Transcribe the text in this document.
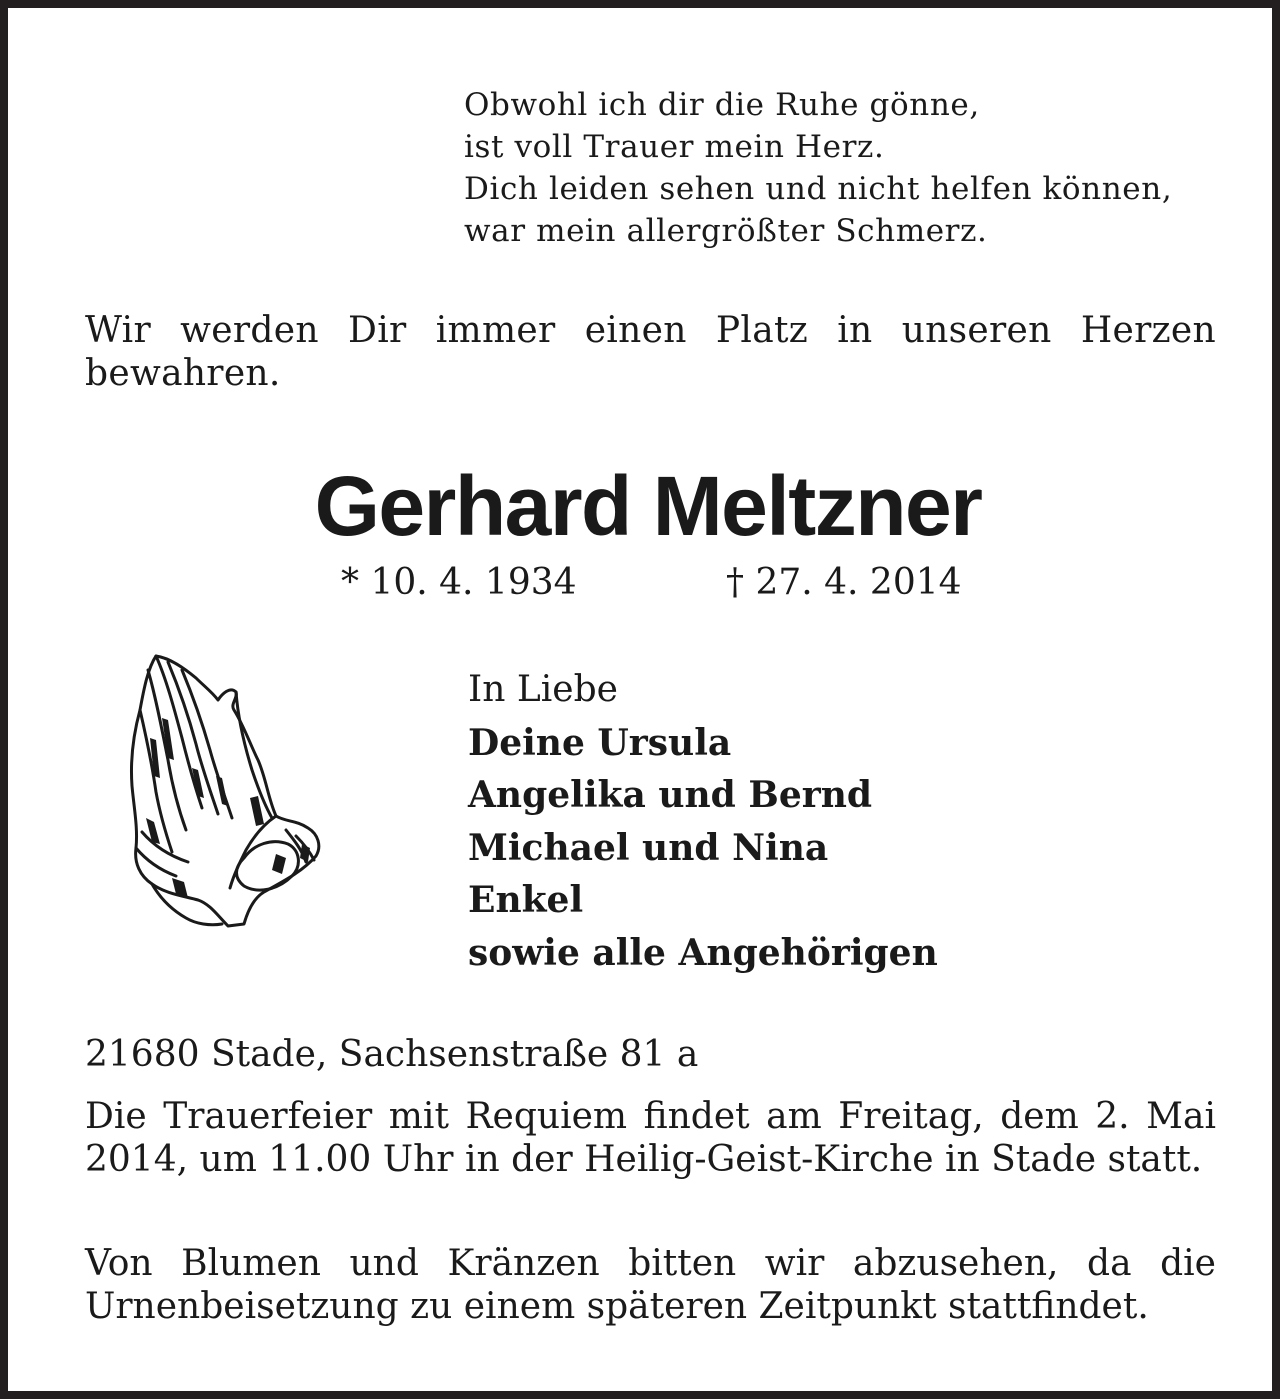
Obwohl ich dir die Ruhe gönne,
ist voll Trauer mein Herz.
Dich leiden sehen und nicht helfen können,
war mein allergrößter Schmerz.

Wir werden Dir immer einen Platz in unseren Herzen bewahren.

Gerhard Meltzner
* 10. 4. 1934	† 27. 4. 2014
In Liebe
Deine Ursula
Angelika und Bernd
Michael und Nina
Enkel
sowie alle Angehörigen

21680 Stade, Sachsenstraße 81 a

Die Trauerfeier mit Requiem findet am Freitag, dem 2. Mai 2014, um 11.00 Uhr in der Heilig-Geist-Kirche in Stade statt.

Von Blumen und Kränzen bitten wir abzusehen, da die Urnenbeisetzung zu einem späteren Zeitpunkt stattfindet.
